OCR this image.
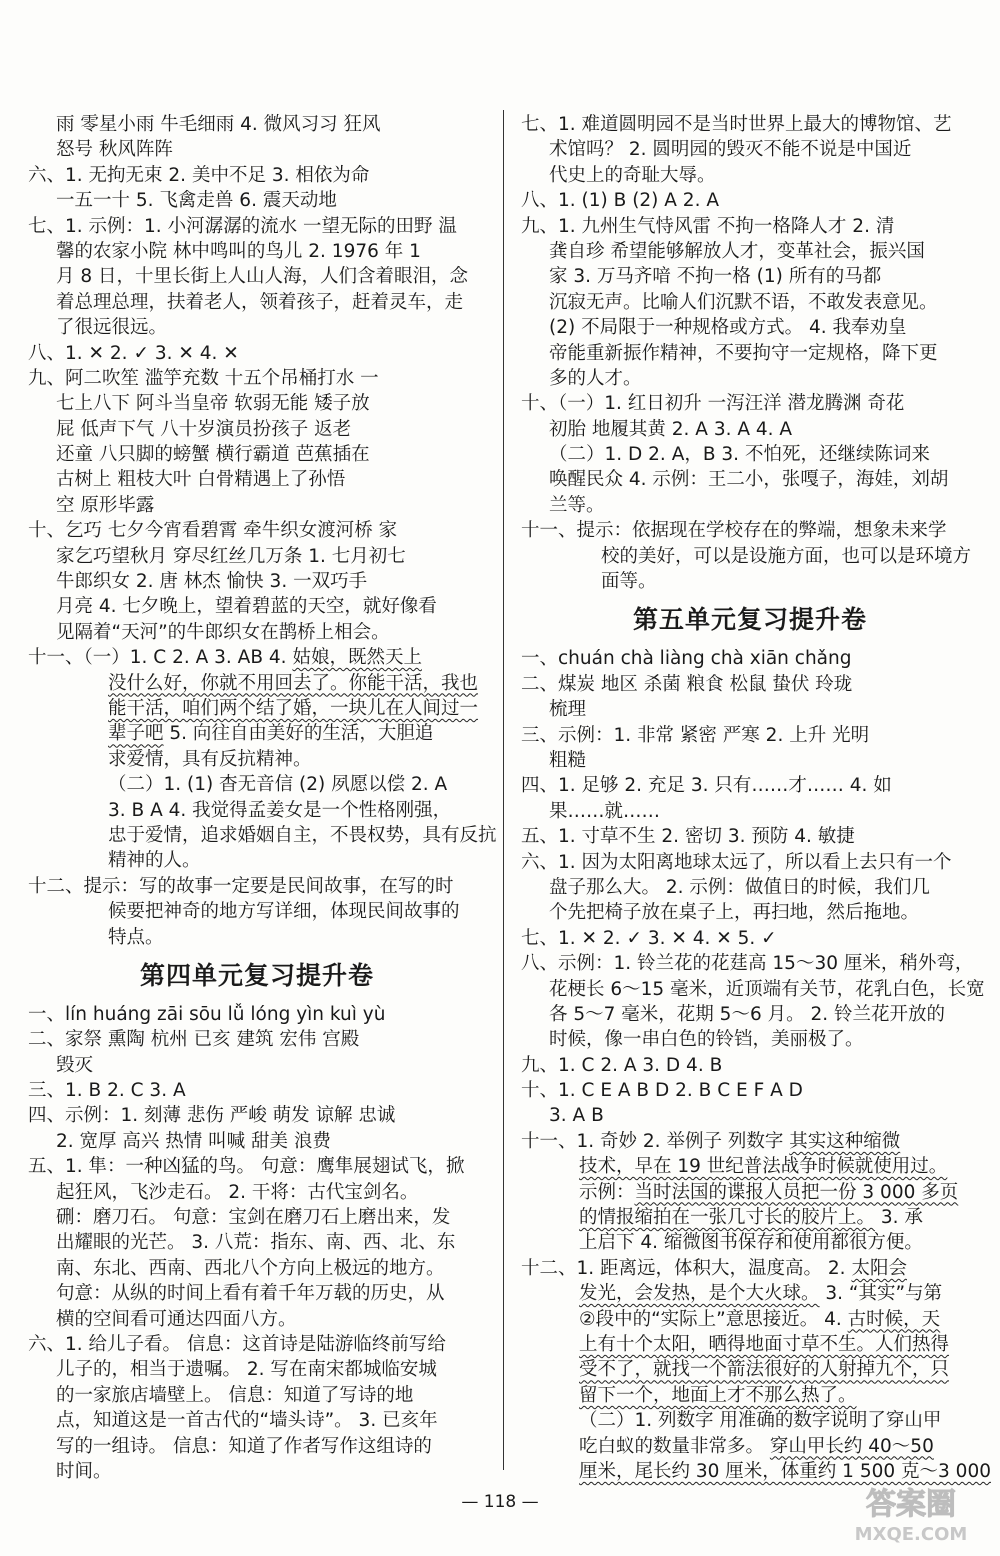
雨 零星小雨 牛毛细雨 4. 微风习习 狂风
怒号 秋风阵阵
六、1. 无拘无束 2. 美中不足 3. 相依为命
一五一十 5. 飞禽走兽 6. 震天动地
七、1. 示例：1. 小河潺潺的流水 一望无际的田野 温
馨的农家小院 林中鸣叫的鸟儿 2. 1976 年 1
月 8 日，十里长街上人山人海，人们含着眼泪，念
着总理总理，扶着老人，领着孩子，赶着灵车，走
了很远很远。
八、1. ✕ 2. ✓ 3. ✕ 4. ✕
九、阿二吹笙 滥竽充数 十五个吊桶打水 一
七上八下 阿斗当皇帝 软弱无能 矮子放
屁 低声下气 八十岁演员扮孩子 返老
还童 八只脚的螃蟹 横行霸道 芭蕉插在
古树上 粗枝大叶 白骨精遇上了孙悟
空 原形毕露
十、乞巧 七夕今宵看碧霄 牵牛织女渡河桥 家
家乞巧望秋月 穿尽红丝几万条 1. 七月初七
牛郎织女 2. 唐 林杰 愉快 3. 一双巧手
月亮 4. 七夕晚上，望着碧蓝的天空，就好像看
见隔着“天河”的牛郎织女在鹊桥上相会。
十一、（一）1. C 2. A 3. AB 4. 姑娘，既然天上
没什么好，你就不用回去了。你能干活，我也
能干活，咱们两个结了婚，一块儿在人间过一
辈子吧 5. 向往自由美好的生活，大胆追
求爱情，具有反抗精神。
（二）1. (1) 杳无音信 (2) 夙愿以偿 2. A
3. B A 4. 我觉得孟姜女是一个性格刚强，
忠于爱情，追求婚姻自主，不畏权势，具有反抗
精神的人。
十二、提示：写的故事一定要是民间故事，在写的时
候要把神奇的地方写详细，体现民间故事的
特点。
第四单元复习提升卷
一、lín huáng zāi sōu lǚ lóng yìn kuì yù
二、家祭 熏陶 杭州 已亥 建筑 宏伟 宫殿
毁灭
三、1. B 2. C 3. A
四、示例：1. 刻薄 悲伤 严峻 萌发 谅解 忠诚
2. 宽厚 高兴 热情 叫喊 甜美 浪费
五、1. 隼：一种凶猛的鸟。 句意：鹰隼展翅试飞，掀
起狂风，飞沙走石。 2. 干将：古代宝剑名。
硎：磨刀石。 句意：宝剑在磨刀石上磨出来，发
出耀眼的光芒。 3. 八荒：指东、南、西、北、东
南、东北、西南、西北八个方向上极远的地方。
句意：从纵的时间上看有着千年万载的历史，从
横的空间看可通达四面八方。
六、1. 给儿子看。 信息：这首诗是陆游临终前写给
儿子的，相当于遗嘱。 2. 写在南宋都城临安城
的一家旅店墙壁上。 信息：知道了写诗的地
点，知道这是一首古代的“墙头诗”。 3. 已亥年
写的一组诗。 信息：知道了作者写作这组诗的
时间。
七、1. 难道圆明园不是当时世界上最大的博物馆、艺
术馆吗？ 2. 圆明园的毁灭不能不说是中国近
代史上的奇耻大辱。
八、1. (1) B (2) A 2. A
九、1. 九州生气恃风雷 不拘一格降人才 2. 清
龚自珍 希望能够解放人才，变革社会，振兴国
家 3. 万马齐喑 不拘一格 (1) 所有的马都
沉寂无声。比喻人们沉默不语，不敢发表意见。
(2) 不局限于一种规格或方式。 4. 我奉劝皇
帝能重新振作精神，不要拘守一定规格，降下更
多的人才。
十、（一）1. 红日初升 一泻汪洋 潜龙腾渊 奇花
初胎 地履其黄 2. A 3. A 4. A
（二）1. D 2. A，B 3. 不怕死，还继续陈词来
唤醒民众 4. 示例：王二小，张嘎子，海娃，刘胡
兰等。
十一、提示：依据现在学校存在的弊端，想象未来学
校的美好，可以是设施方面，也可以是环境方
面等。
第五单元复习提升卷
一、chuán chà liàng chà xiān chǎng
二、煤炭 地区 杀菌 粮食 松鼠 蛰伏 玲珑
梳理
三、示例：1. 非常 紧密 严寒 2. 上升 光明
粗糙
四、1. 足够 2. 充足 3. 只有……才…… 4. 如
果……就……
五、1. 寸草不生 2. 密切 3. 预防 4. 敏捷
六、1. 因为太阳离地球太远了，所以看上去只有一个
盘子那么大。 2. 示例：做值日的时候，我们几
个先把椅子放在桌子上，再扫地，然后拖地。
七、1. ✕ 2. ✓ 3. ✕ 4. ✕ 5. ✓
八、示例：1. 铃兰花的花莛高 15～30 厘米，稍外弯，
花梗长 6～15 毫米，近顶端有关节，花乳白色，长宽
各 5～7 毫米，花期 5～6 月。 2. 铃兰花开放的
时候，像一串白色的铃铛，美丽极了。
九、1. C 2. A 3. D 4. B
十、1. C E A B D 2. B C E F A D
3. A B
十一、1. 奇妙 2. 举例子 列数字 其实这种缩微
技术，早在 19 世纪普法战争时候就使用过。
示例：当时法国的谍报人员把一份 3 000 多页
的情报缩拍在一张几寸长的胶片上。 3. 承
上启下 4. 缩微图书保存和使用都很方便。
十二、1. 距离远，体积大，温度高。 2. 太阳会
发光，会发热，是个大火球。 3. “其实”与第
②段中的“实际上”意思接近。 4. 古时候，天
上有十个太阳，晒得地面寸草不生。人们热得
受不了，就找一个箭法很好的人射掉九个，只
留下一个，地面上才不那么热了。
（二）1. 列数字 用准确的数字说明了穿山甲
吃白蚁的数量非常多。 穿山甲长约 40～50
厘米，尾长约 30 厘米，体重约 1 500 克～3 000
— 118 —	答案圈
MXQE.COM
